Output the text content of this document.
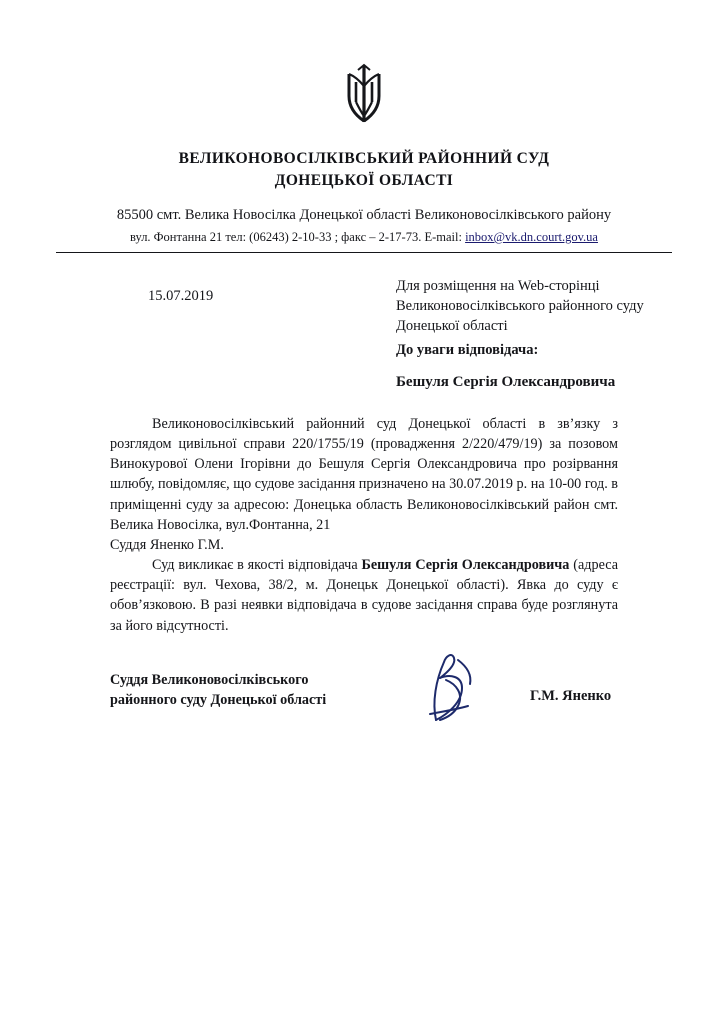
ВЕЛИКОНОВОСІЛКІВСЬКИЙ РАЙОННИЙ СУД
ДОНЕЦЬКОЇ ОБЛАСТІ
85500 смт. Велика Новосілка Донецької області Великоновосілківського району
вул. Фонтанна 21 тел: (06243) 2-10-33 ; факс – 2-17-73. E-mail: inbox@vk.dn.court.gov.ua
15.07.2019
Для розміщення на Web-сторінці
Великоновосілківського районного суду
Донецької області
До уваги відповідача:
Бешуля Сергія Олександровича

Великоновосілківський районний суд Донецької області в зв’язку з розглядом цивільної справи 220/1755/19 (провадження 2/220/479/19) за позовом Винокурової Олени Ігорівни до Бешуля Сергія Олександровича про розірвання шлюбу, повідомляє, що судове засідання призначено на 30.07.2019 р. на 10-00 год. в приміщенні суду за адресою: Донецька область Великоновосілківський район смт. Велика Новосілка, вул.Фонтанна, 21

Суддя Яненко Г.М.

Суд викликає в якості відповідача Бешуля Сергія Олександровича (адреса реєстрації: вул. Чехова, 38/2, м. Донецьк Донецької області). Явка до суду є обов’язковою. В разі неявки відповідача в судове засідання справа буде розглянута за його відсутності.

Суддя Великоновосілківського
районного суду Донецької області	Г.М. Яненко
